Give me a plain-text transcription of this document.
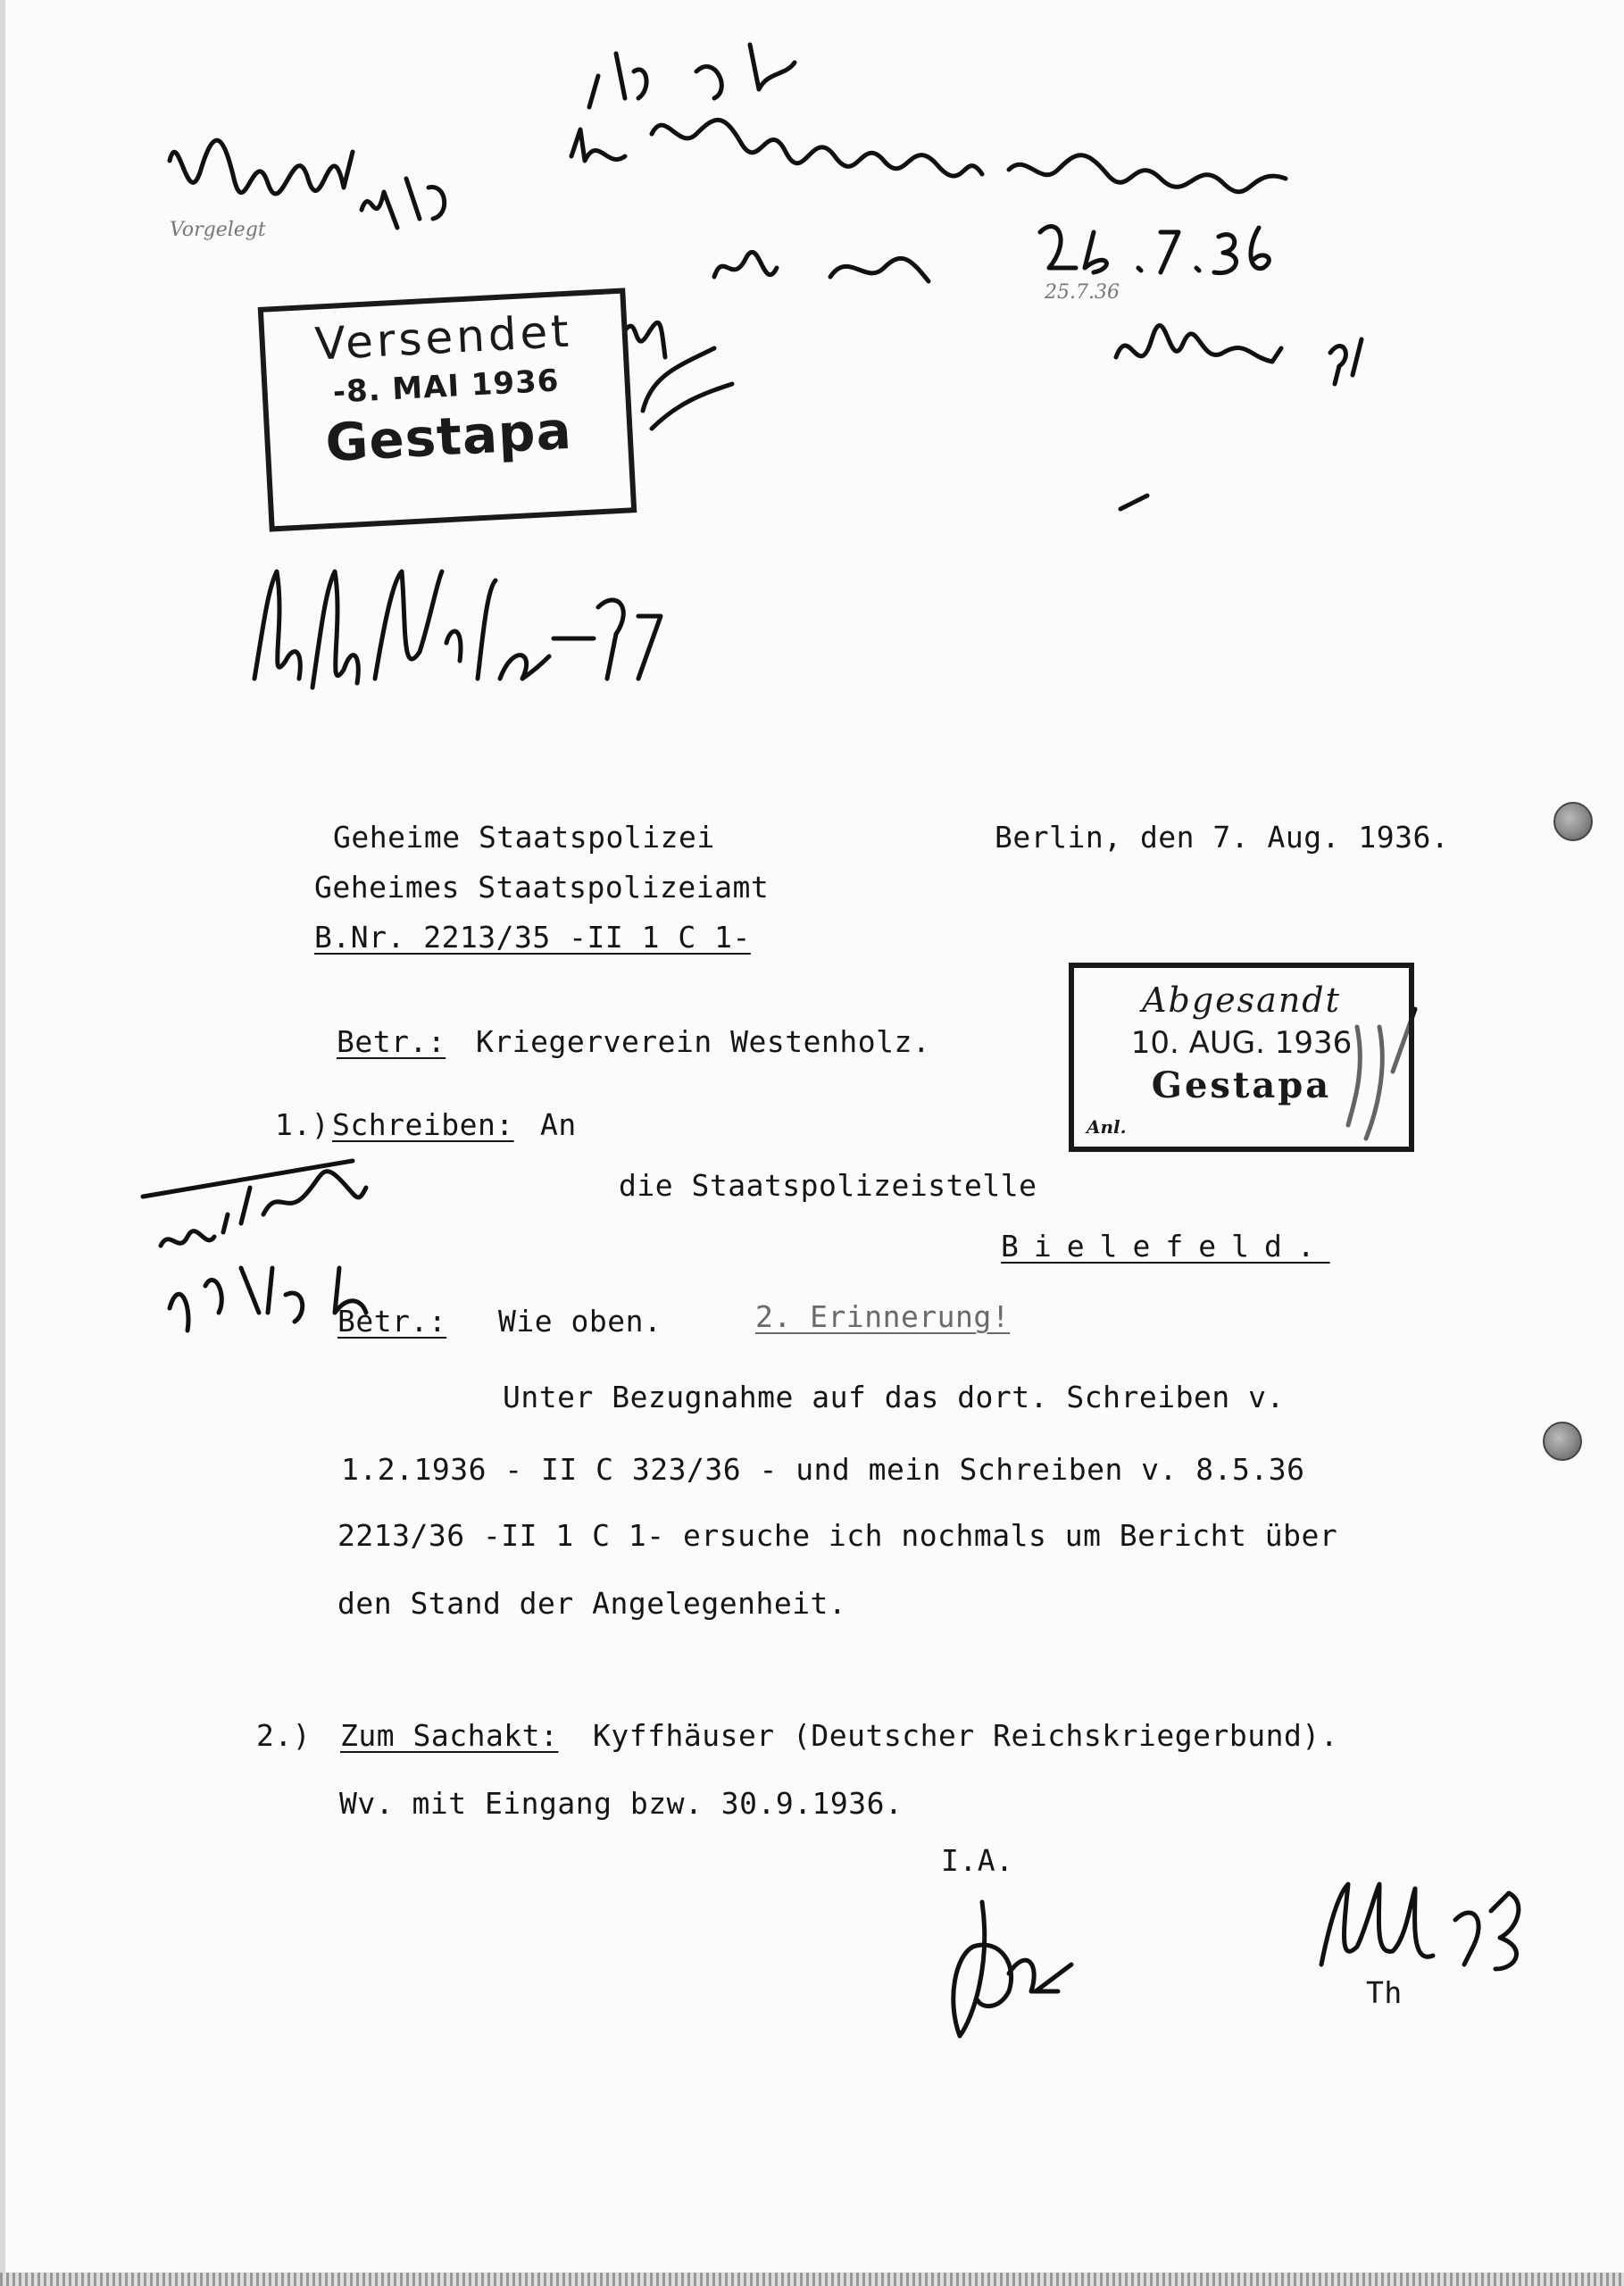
Versendet
-8. MAI 1936
Gestapa
Abgesandt
10. AUG. 1936
Gestapa
Anl.
Geheime Staatspolizei
Geheimes Staatspolizeiamt
B.Nr. 2213/35 -II 1 C 1-
Berlin, den 7. Aug. 1936.
Betr.: Kriegerverein Westenholz.
1.) Schreiben: An
die Staatspolizeistelle
Bielefeld.
Betr.: Wie oben.	2. Erinnerung!
Unter Bezugnahme auf das dort. Schreiben v.
1.2.1936 - II C 323/36 - und mein Schreiben v. 8.5.36
2213/36 -II 1 C 1- ersuche ich nochmals um Bericht über
den Stand der Angelegenheit.
2.) Zum Sachakt: Kyffhäuser (Deutscher Reichskriegerbund).
Wv. mit Eingang bzw. 30.9.1936.
I.A.
Th
Vorgelegt
25.7.36
